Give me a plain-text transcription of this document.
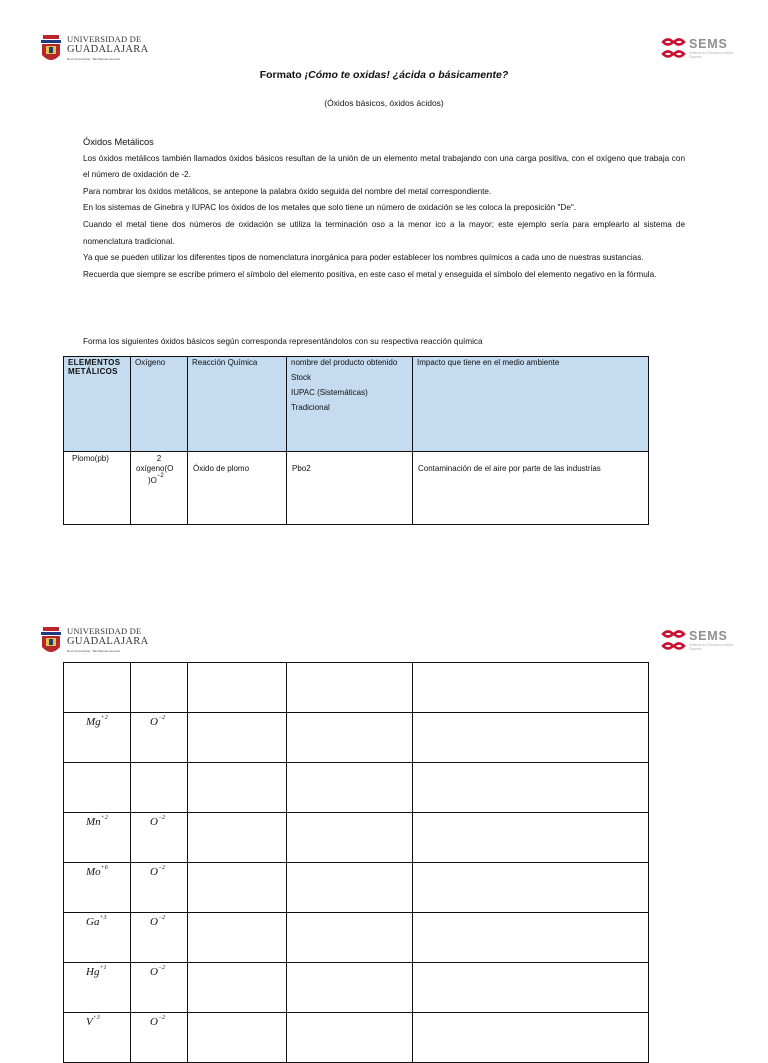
UNIVERSIDAD DE
GUADALAJARA
Red Universitaria · Bachillerato General
SEMS
Sistema de Educación Media Superior
Formato ¡Cómo te oxidas! ¿ácida o básicamente?
(Óxidos básicos, óxidos ácidos)

Óxidos Metálicos

Los óxidos metálicos también llamados óxidos básicos resultan de la unión de un elemento metal trabajando con una carga positiva, con el oxígeno que trabaja con el número de oxidación de -2.

Para nombrar los óxidos metálicos, se antepone la palabra óxido seguida del nombre del metal correspondiente.

En los sistemas de Ginebra y IUPAC los óxidos de los metales que solo tiene un número de oxidación se les coloca la preposición "De".

Cuando el metal tiene dos números de oxidación se utiliza la terminación oso a la menor ico a la mayor; este ejemplo sería para emplearlo al sistema de nomenclatura tradicional.

Ya que se pueden utilizar los diferentes tipos de nomenclatura inorgánica para poder establecer los nombres químicos a cada uno de nuestras sustancias.

Recuerda que siempre se escribe primero el símbolo del elemento positiva, en este caso el metal y enseguida el símbolo del elemento negativo en la fórmula.

Forma los siguientes óxidos básicos según corresponda representándolos con su respectiva reacción química
ELEMENTOS METÁLICOS	Oxígeno	Reacción Química	nombre del producto obtenido
Stock
IUPAC (Sistemáticas)
Tradicional	Impacto que tiene en el medio ambiente
Plomo(pb)	2
oxígeno(O
)$O^{-2}$	Óxido de plomo	Pbo2	Contaminación de el aire por parte de las industrias
UNIVERSIDAD DE
GUADALAJARA
Red Universitaria · Bachillerato General
SEMS
Sistema de Educación Media Superior

$Mg^{+2}$	$O^{-2}$			

$Mn^{+2}$	$O^{-2}$			
$Mo^{+6}$	$O^{-2}$			
$Ga^{+3}$	$O^{-2}$			
$Hg^{+1}$	$O^{-2}$			
$V^{+3}$	$O^{-2}$			
